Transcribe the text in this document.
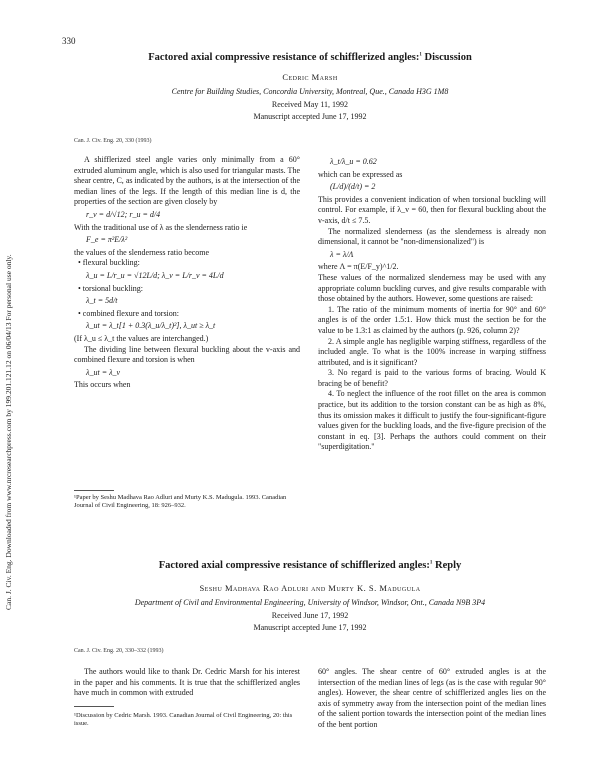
330
Can. J. Civ. Eng. Downloaded from www.nrcresearchpress.com by 199.201.121.12 on 06/04/13 For personal use only.
Factored axial compressive resistance of schifflerized angles:$^1$ Discussion
Cedric Marsh
Centre for Building Studies, Concordia University, Montreal, Que., Canada H3G 1M8
Received May 11, 1992
Manuscript accepted June 17, 1992
Can. J. Civ. Eng. 20, 330 (1993)

A shifflerized steel angle varies only minimally from a 60° extruded aluminum angle, which is also used for triangular masts. The shear centre, C, as indicated by the authors, is at the intersection of the median lines of the legs. If the length of this median line is d, the properties of the section are given closely by

r_v = d/√12; r_u = d/4

With the traditional use of λ as the slenderness ratio ie

F_e = π²E/λ²

the values of the slenderness ratio become

• flexural buckling:

λ_u = L/r_u = √12L/d; λ_v = L/r_v = 4L/d

• torsional buckling:

λ_t = 5d/t

• combined flexure and torsion:

λ_ut = λ_t[1 + 0.3(λ_u/λ_t)²], λ_ut ≥ λ_t

(If λ_u ≤ λ_t the values are interchanged.)

The dividing line between flexural buckling about the v-axis and combined flexure and torsion is when

λ_ut = λ_v

This occurs when

¹Paper by Seshu Madhava Rao Adluri and Murty K.S. Madugula. 1993. Canadian Journal of Civil Engineering, 18: 926–932.

λ_t/λ_u = 0.62

which can be expressed as

(L/d)/(d/t) = 2

This provides a convenient indication of when torsional buckling will control. For example, if λ_v = 60, then for flexural buckling about the v-axis, d/t ≤ 7.5.

The normalized slenderness (as the slenderness is already non dimensional, it cannot be "non-dimensionalized") is

λ = λ/Λ

where Λ = π(E/F_y)^1/2.

These values of the normalized slenderness may be used with any appropriate column buckling curves, and give results comparable with those obtained by the authors. However, some questions are raised:

1. The ratio of the minimum moments of inertia for 90° and 60° angles is of the order 1.5:1. How thick must the section be for the value to be 1.3:1 as claimed by the authors (p. 926, column 2)?

2. A simple angle has negligible warping stiffness, regardless of the included angle. To what is the 100% increase in warping stiffness attributed, and is it significant?

3. No regard is paid to the various forms of bracing. Would K bracing be of benefit?

4. To neglect the influence of the root fillet on the area is common practice, but its addition to the torsion constant can be as high as 8%, thus its omission makes it difficult to justify the four-significant-figure values given for the buckling loads, and the five-figure precision of the constant in eq. [3]. Perhaps the authors could comment on their "superdigitation."

Factored axial compressive resistance of schifflerized angles:$^1$ Reply
Seshu Madhava Rao Adluri and Murty K. S. Madugula
Department of Civil and Environmental Engineering, University of Windsor, Windsor, Ont., Canada N9B 3P4
Received June 17, 1992
Manuscript accepted June 17, 1992
Can. J. Civ. Eng. 20, 330–332 (1993)
The authors would like to thank Dr. Cedric Marsh for his interest in the paper and his comments. It is true that the schifflerized angles have much in common with extruded
¹Discussion by Cedric Marsh. 1993. Canadian Journal of Civil Engineering, 20: this issue.
60° angles. The shear centre of 60° extruded angles is at the intersection of the median lines of legs (as is the case with regular 90° angles). However, the shear centre of schifflerized angles lies on the axis of symmetry away from the intersection point of the median lines of the salient portion towards the intersection point of the median lines of the bent portion
